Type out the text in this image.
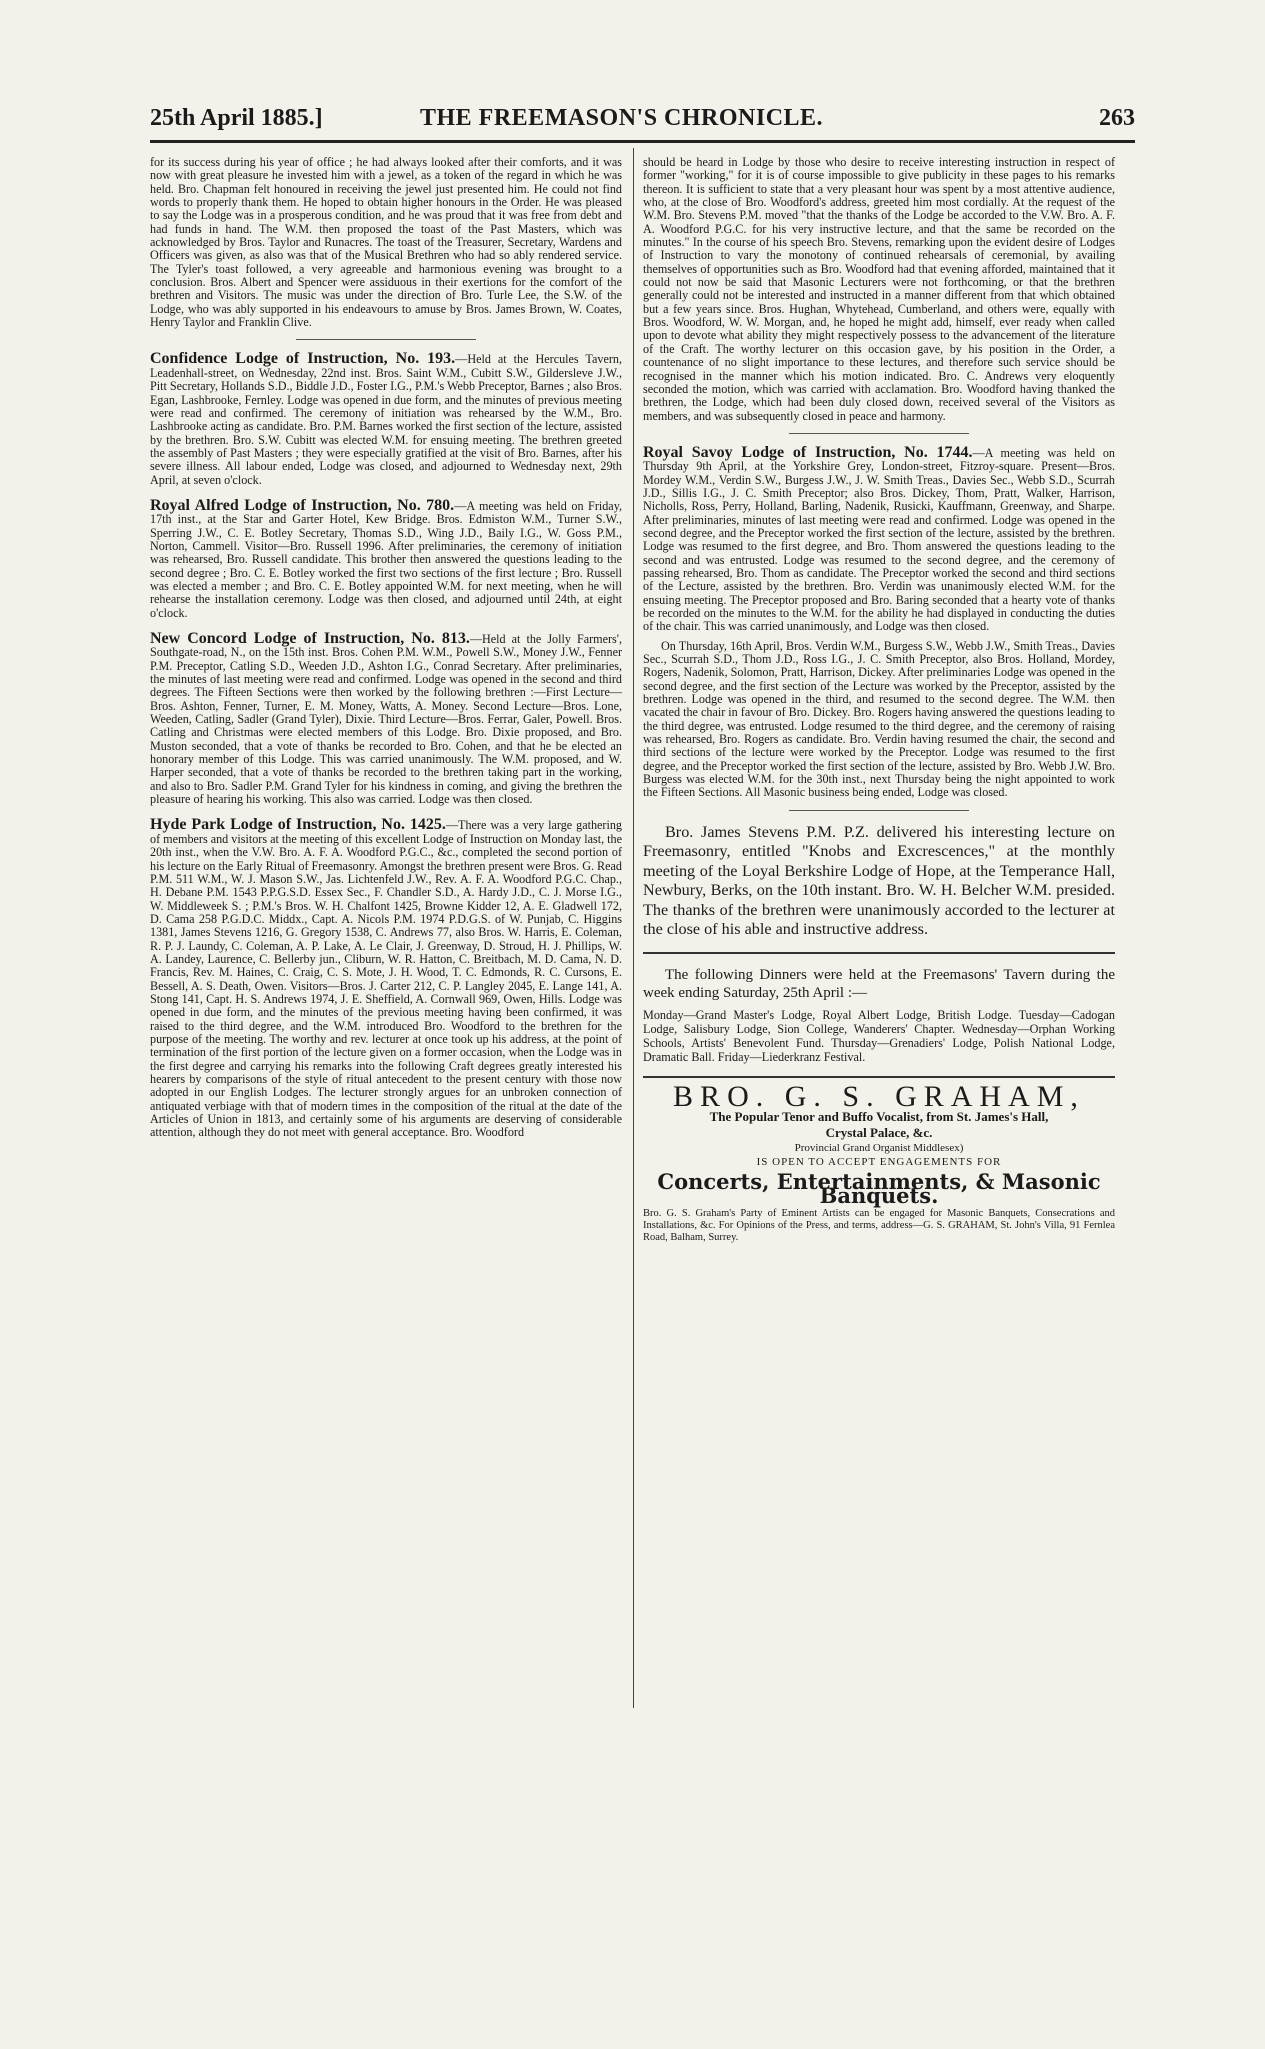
25th April 1885.]	THE FREEMASON'S CHRONICLE.	263

for its success during his year of office ; he had always looked after their comforts, and it was now with great pleasure he invested him with a jewel, as a token of the regard in which he was held. Bro. Chapman felt honoured in receiving the jewel just presented him. He could not find words to properly thank them. He hoped to obtain higher honours in the Order. He was pleased to say the Lodge was in a prosperous condition, and he was proud that it was free from debt and had funds in hand. The W.M. then proposed the toast of the Past Masters, which was acknowledged by Bros. Taylor and Runacres. The toast of the Treasurer, Secretary, Wardens and Officers was given, as also was that of the Musical Brethren who had so ably rendered service. The Tyler's toast followed, a very agreeable and harmonious evening was brought to a conclusion. Bros. Albert and Spencer were assiduous in their exertions for the comfort of the brethren and Visitors. The music was under the direction of Bro. Turle Lee, the S.W. of the Lodge, who was ably supported in his endeavours to amuse by Bros. James Brown, W. Coates, Henry Taylor and Franklin Clive.

Confidence Lodge of Instruction, No. 193.—Held at the Hercules Tavern, Leadenhall-street, on Wednesday, 22nd inst. Bros. Saint W.M., Cubitt S.W., Gildersleve J.W., Pitt Secretary, Hollands S.D., Biddle J.D., Foster I.G., P.M.'s Webb Preceptor, Barnes ; also Bros. Egan, Lashbrooke, Fernley. Lodge was opened in due form, and the minutes of previous meeting were read and confirmed. The ceremony of initiation was rehearsed by the W.M., Bro. Lashbrooke acting as candidate. Bro. P.M. Barnes worked the first section of the lecture, assisted by the brethren. Bro. S.W. Cubitt was elected W.M. for ensuing meeting. The brethren greeted the assembly of Past Masters ; they were especially gratified at the visit of Bro. Barnes, after his severe illness. All labour ended, Lodge was closed, and adjourned to Wednesday next, 29th April, at seven o'clock.

Royal Alfred Lodge of Instruction, No. 780.—A meeting was held on Friday, 17th inst., at the Star and Garter Hotel, Kew Bridge. Bros. Edmiston W.M., Turner S.W., Sperring J.W., C. E. Botley Secretary, Thomas S.D., Wing J.D., Baily I.G., W. Goss P.M., Norton, Cammell. Visitor—Bro. Russell 1996. After preliminaries, the ceremony of initiation was rehearsed, Bro. Russell candidate. This brother then answered the questions leading to the second degree ; Bro. C. E. Botley worked the first two sections of the first lecture ; Bro. Russell was elected a member ; and Bro. C. E. Botley appointed W.M. for next meeting, when he will rehearse the installation ceremony. Lodge was then closed, and adjourned until 24th, at eight o'clock.

New Concord Lodge of Instruction, No. 813.—Held at the Jolly Farmers', Southgate-road, N., on the 15th inst. Bros. Cohen P.M. W.M., Powell S.W., Money J.W., Fenner P.M. Preceptor, Catling S.D., Weeden J.D., Ashton I.G., Conrad Secretary. After preliminaries, the minutes of last meeting were read and confirmed. Lodge was opened in the second and third degrees. The Fifteen Sections were then worked by the following brethren :—First Lecture—Bros. Ashton, Fenner, Turner, E. M. Money, Watts, A. Money. Second Lecture—Bros. Lone, Weeden, Catling, Sadler (Grand Tyler), Dixie. Third Lecture—Bros. Ferrar, Galer, Powell. Bros. Catling and Christmas were elected members of this Lodge. Bro. Dixie proposed, and Bro. Muston seconded, that a vote of thanks be recorded to Bro. Cohen, and that he be elected an honorary member of this Lodge. This was carried unanimously. The W.M. proposed, and W. Harper seconded, that a vote of thanks be recorded to the brethren taking part in the working, and also to Bro. Sadler P.M. Grand Tyler for his kindness in coming, and giving the brethren the pleasure of hearing his working. This also was carried. Lodge was then closed.

Hyde Park Lodge of Instruction, No. 1425.—There was a very large gathering of members and visitors at the meeting of this excellent Lodge of Instruction on Monday last, the 20th inst., when the V.W. Bro. A. F. A. Woodford P.G.C., &c., completed the second portion of his lecture on the Early Ritual of Freemasonry. Amongst the brethren present were Bros. G. Read P.M. 511 W.M., W. J. Mason S.W., Jas. Lichtenfeld J.W., Rev. A. F. A. Woodford P.G.C. Chap., H. Debane P.M. 1543 P.P.G.S.D. Essex Sec., F. Chandler S.D., A. Hardy J.D., C. J. Morse I.G., W. Middleweek S. ; P.M.'s Bros. W. H. Chalfont 1425, Browne Kidder 12, A. E. Gladwell 172, D. Cama 258 P.G.D.C. Middx., Capt. A. Nicols P.M. 1974 P.D.G.S. of W. Punjab, C. Higgins 1381, James Stevens 1216, G. Gregory 1538, C. Andrews 77, also Bros. W. Harris, E. Coleman, R. P. J. Laundy, C. Coleman, A. P. Lake, A. Le Clair, J. Greenway, D. Stroud, H. J. Phillips, W. A. Landey, Laurence, C. Bellerby jun., Cliburn, W. R. Hatton, C. Breitbach, M. D. Cama, N. D. Francis, Rev. M. Haines, C. Craig, C. S. Mote, J. H. Wood, T. C. Edmonds, R. C. Cursons, E. Bessell, A. S. Death, Owen. Visitors—Bros. J. Carter 212, C. P. Langley 2045, E. Lange 141, A. Stong 141, Capt. H. S. Andrews 1974, J. E. Sheffield, A. Cornwall 969, Owen, Hills. Lodge was opened in due form, and the minutes of the previous meeting having been confirmed, it was raised to the third degree, and the W.M. introduced Bro. Woodford to the brethren for the purpose of the meeting. The worthy and rev. lecturer at once took up his address, at the point of termination of the first portion of the lecture given on a former occasion, when the Lodge was in the first degree and carrying his remarks into the following Craft degrees greatly interested his hearers by comparisons of the style of ritual antecedent to the present century with those now adopted in our English Lodges. The lecturer strongly argues for an unbroken connection of antiquated verbiage with that of modern times in the composition of the ritual at the date of the Articles of Union in 1813, and certainly some of his arguments are deserving of considerable attention, although they do not meet with general acceptance. Bro. Woodford

should be heard in Lodge by those who desire to receive interesting instruction in respect of former "working," for it is of course impossible to give publicity in these pages to his remarks thereon. It is sufficient to state that a very pleasant hour was spent by a most attentive audience, who, at the close of Bro. Woodford's address, greeted him most cordially. At the request of the W.M. Bro. Stevens P.M. moved "that the thanks of the Lodge be accorded to the V.W. Bro. A. F. A. Woodford P.G.C. for his very instructive lecture, and that the same be recorded on the minutes." In the course of his speech Bro. Stevens, remarking upon the evident desire of Lodges of Instruction to vary the monotony of continued rehearsals of ceremonial, by availing themselves of opportunities such as Bro. Woodford had that evening afforded, maintained that it could not now be said that Masonic Lecturers were not forthcoming, or that the brethren generally could not be interested and instructed in a manner different from that which obtained but a few years since. Bros. Hughan, Whytehead, Cumberland, and others were, equally with Bros. Woodford, W. W. Morgan, and, he hoped he might add, himself, ever ready when called upon to devote what ability they might respectively possess to the advancement of the literature of the Craft. The worthy lecturer on this occasion gave, by his position in the Order, a countenance of no slight importance to these lectures, and therefore such service should be recognised in the manner which his motion indicated. Bro. C. Andrews very eloquently seconded the motion, which was carried with acclamation. Bro. Woodford having thanked the brethren, the Lodge, which had been duly closed down, received several of the Visitors as members, and was subsequently closed in peace and harmony.

Royal Savoy Lodge of Instruction, No. 1744.—A meeting was held on Thursday 9th April, at the Yorkshire Grey, London-street, Fitzroy-square. Present—Bros. Mordey W.M., Verdin S.W., Burgess J.W., J. W. Smith Treas., Davies Sec., Webb S.D., Scurrah J.D., Sillis I.G., J. C. Smith Preceptor; also Bros. Dickey, Thom, Pratt, Walker, Harrison, Nicholls, Ross, Perry, Holland, Barling, Nadenik, Rusicki, Kauffmann, Greenway, and Sharpe. After preliminaries, minutes of last meeting were read and confirmed. Lodge was opened in the second degree, and the Preceptor worked the first section of the lecture, assisted by the brethren. Lodge was resumed to the first degree, and Bro. Thom answered the questions leading to the second and was entrusted. Lodge was resumed to the second degree, and the ceremony of passing rehearsed, Bro. Thom as candidate. The Preceptor worked the second and third sections of the Lecture, assisted by the brethren. Bro. Verdin was unanimously elected W.M. for the ensuing meeting. The Preceptor proposed and Bro. Baring seconded that a hearty vote of thanks be recorded on the minutes to the W.M. for the ability he had displayed in conducting the duties of the chair. This was carried unanimously, and Lodge was then closed.

On Thursday, 16th April, Bros. Verdin W.M., Burgess S.W., Webb J.W., Smith Treas., Davies Sec., Scurrah S.D., Thom J.D., Ross I.G., J. C. Smith Preceptor, also Bros. Holland, Mordey, Rogers, Nadenik, Solomon, Pratt, Harrison, Dickey. After preliminaries Lodge was opened in the second degree, and the first section of the Lecture was worked by the Preceptor, assisted by the brethren. Lodge was opened in the third, and resumed to the second degree. The W.M. then vacated the chair in favour of Bro. Dickey. Bro. Rogers having answered the questions leading to the third degree, was entrusted. Lodge resumed to the third degree, and the ceremony of raising was rehearsed, Bro. Rogers as candidate. Bro. Verdin having resumed the chair, the second and third sections of the lecture were worked by the Preceptor. Lodge was resumed to the first degree, and the Preceptor worked the first section of the lecture, assisted by Bro. Webb J.W. Bro. Burgess was elected W.M. for the 30th inst., next Thursday being the night appointed to work the Fifteen Sections. All Masonic business being ended, Lodge was closed.

Bro. James Stevens P.M. P.Z. delivered his interesting lecture on Freemasonry, entitled "Knobs and Excrescences," at the monthly meeting of the Loyal Berkshire Lodge of Hope, at the Temperance Hall, Newbury, Berks, on the 10th instant. Bro. W. H. Belcher W.M. presided. The thanks of the brethren were unanimously accorded to the lecturer at the close of his able and instructive address.

The following Dinners were held at the Freemasons' Tavern during the week ending Saturday, 25th April :—

Monday—Grand Master's Lodge, Royal Albert Lodge, British Lodge. Tuesday—Cadogan Lodge, Salisbury Lodge, Sion College, Wanderers' Chapter. Wednesday—Orphan Working Schools, Artists' Benevolent Fund. Thursday—Grenadiers' Lodge, Polish National Lodge, Dramatic Ball. Friday—Liederkranz Festival.

BRO. G. S. GRAHAM,
The Popular Tenor and Buffo Vocalist, from St. James's Hall,
Crystal Palace, &c.
Provincial Grand Organist Middlesex)
IS OPEN TO ACCEPT ENGAGEMENTS FOR
Concerts, Entertainments, & Masonic Banquets.
Bro. G. S. Graham's Party of Eminent Artists can be engaged for Masonic Banquets, Consecrations and Installations, &c. For Opinions of the Press, and terms, address—G. S. GRAHAM, St. John's Villa, 91 Fernlea Road, Balham, Surrey.
